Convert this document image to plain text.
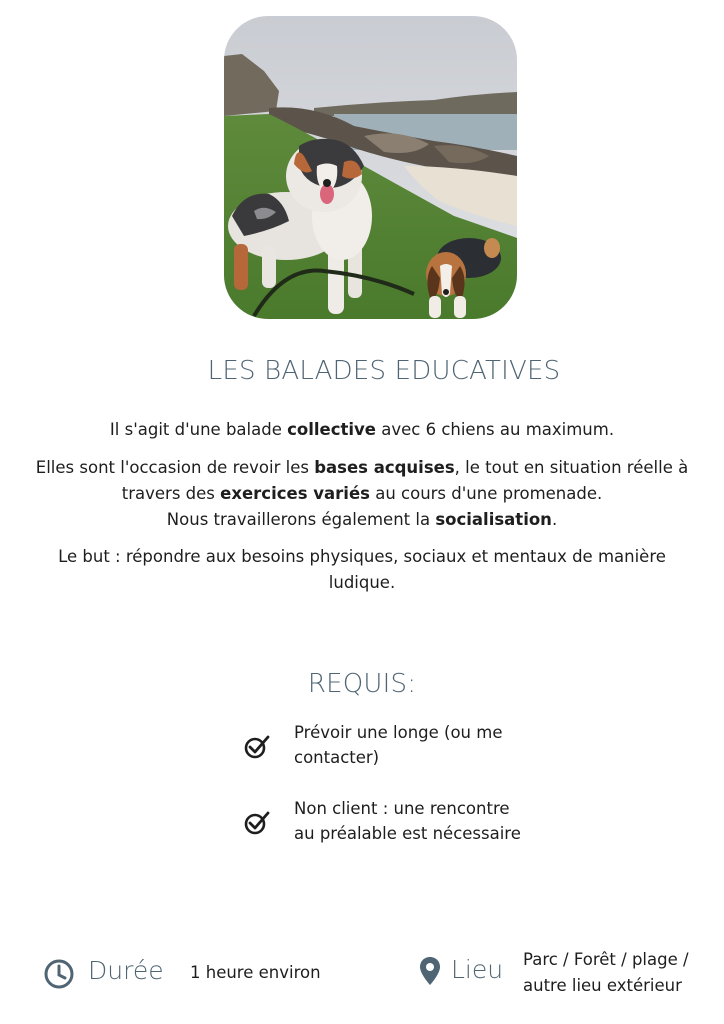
LES BALADES EDUCATIVES
Il s'agit d'une balade collective avec 6 chiens au maximum.
Elles sont l'occasion de revoir les bases acquises, le tout en situation réelle à
travers des exercices variés au cours d'une promenade.
Nous travaillerons également la socialisation.
Le but : répondre aux besoins physiques, sociaux et mentaux de manière
ludique.
REQUIS:
Prévoir une longe (ou me
contacter)
Non client : une rencontre
au préalable est nécessaire
Durée 1 heure environ	Lieu Parc / Forêt / plage /
autre lieu extérieur
